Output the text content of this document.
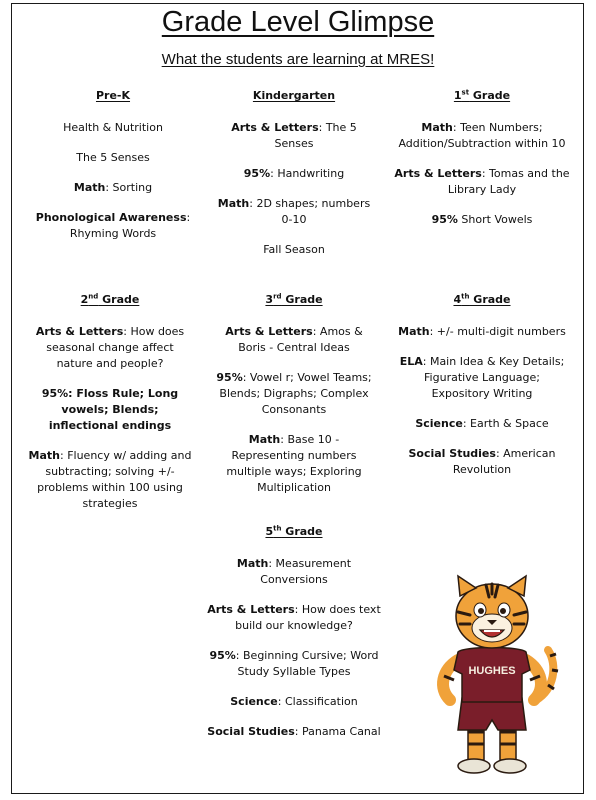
Grade Level Glimpse
What the students are learning at MRES!
Pre-K
Health & Nutrition
The 5 Senses
Math: Sorting
Phonological Awareness: Rhyming Words
Kindergarten
Arts & Letters: The 5 Senses
95%: Handwriting
Math: 2D shapes; numbers 0-10
Fall Season
1st Grade
Math: Teen Numbers; Addition/Subtraction within 10
Arts & Letters: Tomas and the Library Lady
95% Short Vowels
2nd Grade
Arts & Letters: How does seasonal change affect nature and people?
95%: Floss Rule; Long vowels; Blends; inflectional endings
Math: Fluency w/ adding and subtracting; solving +/- problems within 100 using strategies
3rd Grade
Arts & Letters: Amos & Boris - Central Ideas
95%: Vowel r; Vowel Teams; Blends; Digraphs; Complex Consonants
Math: Base 10 - Representing numbers multiple ways; Exploring Multiplication
4th Grade
Math: +/- multi-digit numbers
ELA: Main Idea & Key Details; Figurative Language; Expository Writing
Science: Earth & Space
Social Studies: American Revolution
5th Grade
Math: Measurement Conversions
Arts & Letters: How does text build our knowledge?
95%: Beginning Cursive; Word Study Syllable Types
Science: Classification
Social Studies: Panama Canal
HUGHES
